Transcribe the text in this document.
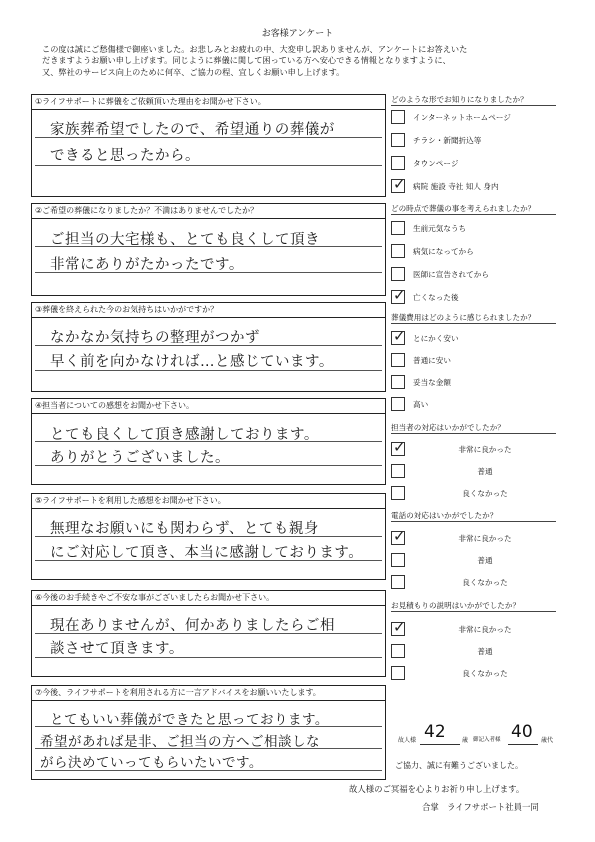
お客様アンケート
この度は誠にご愁傷様で御座いました。お悲しみとお疲れの中、大変申し訳ありませんが、アンケートにお答えいた
だきますようお願い申し上げます。同じように葬儀に関して困っている方へ安心できる情報となりますように、
又、弊社のサービス向上のために何卒、ご協力の程、宜しくお願い申し上げます。
①ライフサポートに葬儀をご依頼頂いた理由をお聞かせ下さい。
家族葬希望でしたので、希望通りの葬儀が
できると思ったから。
②ご希望の葬儀になりましたか？不満はありませんでしたか？
ご担当の大宅様も、とても良くして頂き
非常にありがたかったです。
③葬儀を終えられた今のお気持ちはいかがですか？
なかなか気持ちの整理がつかず
早く前を向かなければ…と感じています。
④担当者についての感想をお聞かせ下さい。
とても良くして頂き感謝しております。
ありがとうございました。
⑤ライフサポートを利用した感想をお聞かせ下さい。
無理なお願いにも関わらず、とても親身
にご対応して頂き、本当に感謝しております。
⑥今後のお手続きやご不安な事がございましたらお聞かせ下さい。
現在ありませんが、何かありましたらご相
談させて頂きます。
⑦今後、ライフサポートを利用される方に一言アドバイスをお願いいたします。
とてもいい葬儀ができたと思っております。
希望があれば是非、ご担当の方へご相談しな
がら決めていってもらいたいです。
どのような形でお知りになりましたか？
インターネットホームページ
チラシ・新聞折込等
タウンページ
✓
病院 施設 寺社 知人 身内
どの時点で葬儀の事を考えられましたか？
生前元気なうち
病気になってから
医師に宣告されてから
✓
亡くなった後
葬儀費用はどのように感じられましたか？
✓
とにかく安い
普通に安い
妥当な金額
高い
担当者の対応はいかがでしたか？
✓
非常に良かった
普通
良くなかった
電話の対応はいかがでしたか？
✓
非常に良かった
普通
良くなかった
お見積もりの説明はいかがでしたか？
✓
非常に良かった
普通
良くなかった
故人様 42	歳 御記入者様 40 歳代
ご協力、誠に有難うございました。
故人様のご冥福を心よりお祈り申し上げます。
合掌　ライフサポート社員一同
